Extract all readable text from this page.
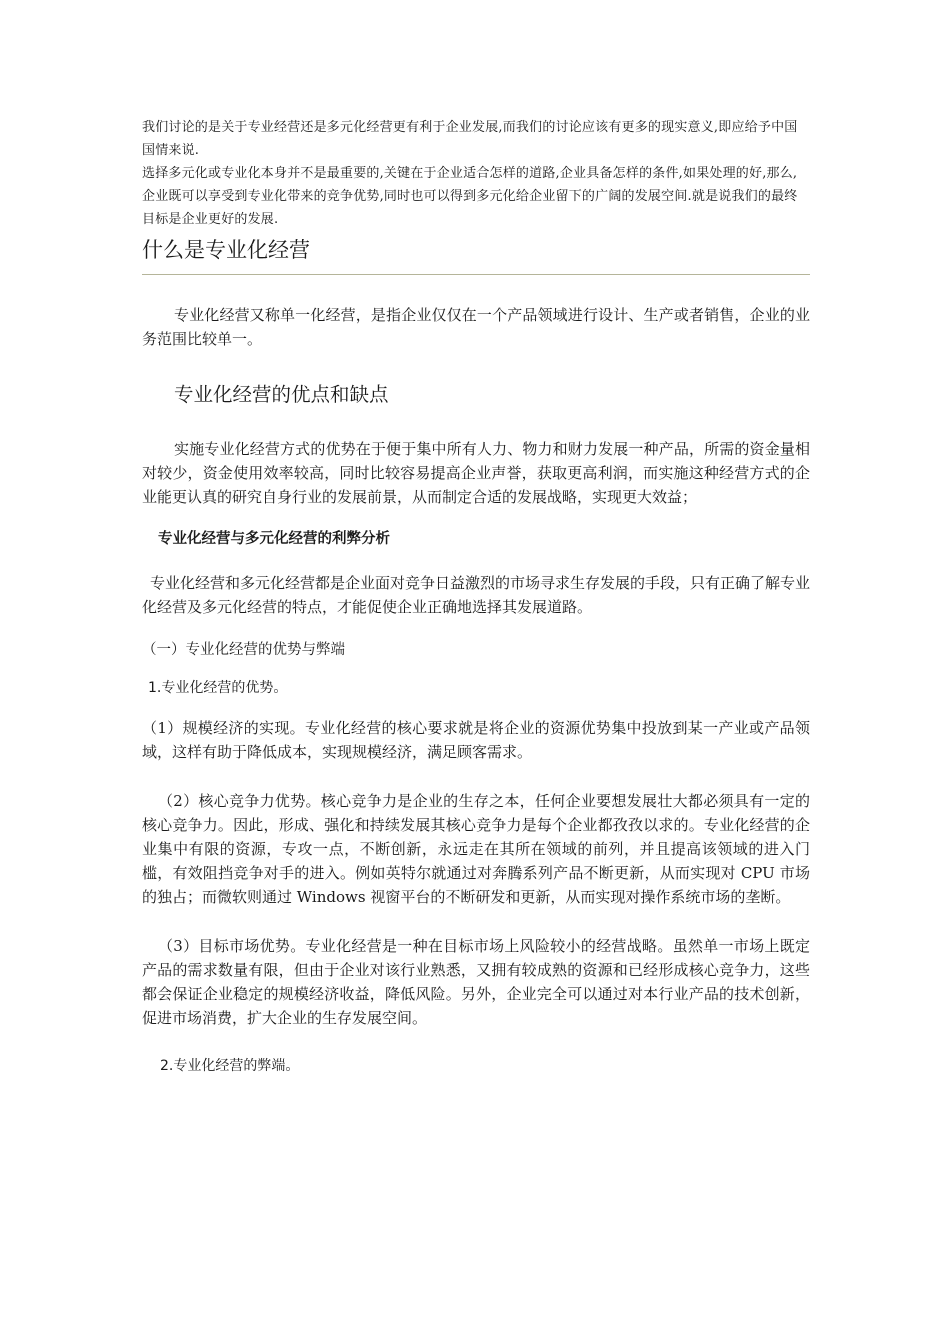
我们讨论的是关于专业经营还是多元化经营更有利于企业发展,而我们的讨论应该有更多的现实意义,即应给予中国国情来说.

选择多元化或专业化本身并不是最重要的,关键在于企业适合怎样的道路,企业具备怎样的条件,如果处理的好,那么,企业既可以享受到专业化带来的竞争优势,同时也可以得到多元化给企业留下的广阔的发展空间.就是说我们的最终目标是企业更好的发展.

什么是专业化经营

专业化经营又称单一化经营，是指企业仅仅在一个产品领域进行设计、生产或者销售，企业的业务范围比较单一。

专业化经营的优点和缺点

实施专业化经营方式的优势在于便于集中所有人力、物力和财力发展一种产品，所需的资金量相对较少，资金使用效率较高，同时比较容易提高企业声誉，获取更高利润，而实施这种经营方式的企业能更认真的研究自身行业的发展前景，从而制定合适的发展战略，实现更大效益；

专业化经营与多元化经营的利弊分析

专业化经营和多元化经营都是企业面对竞争日益激烈的市场寻求生存发展的手段，只有正确了解专业化经营及多元化经营的特点，才能促使企业正确地选择其发展道路。

（一）专业化经营的优势与弊端

1.专业化经营的优势。

（1）规模经济的实现。专业化经营的核心要求就是将企业的资源优势集中投放到某一产业或产品领域，这样有助于降低成本，实现规模经济，满足顾客需求。

（2）核心竞争力优势。核心竞争力是企业的生存之本，任何企业要想发展壮大都必须具有一定的核心竞争力。因此，形成、强化和持续发展其核心竞争力是每个企业都孜孜以求的。专业化经营的企业集中有限的资源，专攻一点，不断创新，永远走在其所在领域的前列，并且提高该领域的进入门槛，有效阻挡竞争对手的进入。例如英特尔就通过对奔腾系列产品不断更新，从而实现对 CPU 市场的独占；而微软则通过 Windows 视窗平台的不断研发和更新，从而实现对操作系统市场的垄断。

（3）目标市场优势。专业化经营是一种在目标市场上风险较小的经营战略。虽然单一市场上既定产品的需求数量有限，但由于企业对该行业熟悉，又拥有较成熟的资源和已经形成核心竞争力，这些都会保证企业稳定的规模经济收益，降低风险。另外，企业完全可以通过对本行业产品的技术创新，促进市场消费，扩大企业的生存发展空间。

2.专业化经营的弊端。
